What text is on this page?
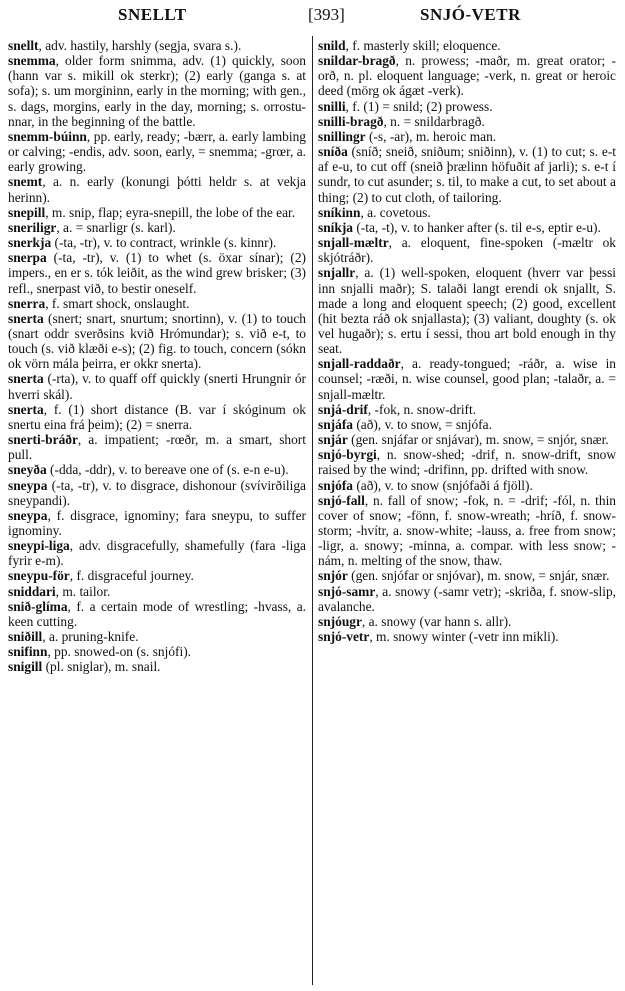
SNELLT	[393]	SNJÓ-VETR

snellt, adv. hastily, harshly (segja, svara s.).

snemma, older form snimma, adv. (1) quickly, soon (hann var s. mikill ok sterkr); (2) early (ganga s. at sofa); s. um morgininn, early in the morning; with gen., s. dags, morgins, early in the day, morning; s. orrostu-nnar, in the beginning of the battle.

snemm-búinn, pp. early, ready; -bærr, a. early lambing or calving; -endis, adv. soon, early, = snemma; -grœr, a. early growing.

snemt, a. n. early (konungi þótti heldr s. at vekja herinn).

snepill, m. snip, flap; eyra-snepill, the lobe of the ear.

sneriligr, a. = snarligr (s. karl).

snerkja (-ta, -tr), v. to contract, wrinkle (s. kinnr).

snerpa (-ta, -tr), v. (1) to whet (s. öxar sínar); (2) impers., en er s. tók leiðit, as the wind grew brisker; (3) refl., snerpast við, to bestir oneself.

snerra, f. smart shock, onslaught.

snerta (snert; snart, snurtum; snortinn), v. (1) to touch (snart oddr sverðsins kvið Hrómundar); s. við e-t, to touch (s. við klæði e-s); (2) fig. to touch, concern (sókn ok vörn mála þeirra, er okkr snerta).

snerta (-rta), v. to quaff off quickly (snerti Hrungnir ór hverri skál).

snerta, f. (1) short distance (B. var í skóginum ok snertu eina frá þeim); (2) = snerra.

snerti-bráðr, a. impatient; -rœðr, m. a smart, short pull.

sneyða (-dda, -ddr), v. to bereave one of (s. e-n e-u).

sneypa (-ta, -tr), v. to disgrace, dishonour (svívirðiliga sneypandi).

sneypa, f. disgrace, ignominy; fara sneypu, to suffer ignominy.

sneypi-liga, adv. disgracefully, shamefully (fara -liga fyrir e-m).

sneypu-för, f. disgraceful journey.

sniddari, m. tailor.

snið-glíma, f. a certain mode of wrestling; -hvass, a. keen cutting.

sniðill, a. pruning-knife.

snifinn, pp. snowed-on (s. snjófi).

snigill (pl. sniglar), m. snail.

snild, f. masterly skill; eloquence.

snildar-bragð, n. prowess; -maðr, m. great orator; -orð, n. pl. eloquent language; -verk, n. great or heroic deed (mörg ok ágæt -verk).

snilli, f. (1) = snild; (2) prowess.

snilli-bragð, n. = snildarbragð.

snillingr (-s, -ar), m. heroic man.

sníða (sníð; sneið, sniðum; sniðinn), v. (1) to cut; s. e-t af e-u, to cut off (sneið þrælinn höfuðit af jarli); s. e-t í sundr, to cut asunder; s. til, to make a cut, to set about a thing; (2) to cut cloth, of tailoring.

sníkinn, a. covetous.

sníkja (-ta, -t), v. to hanker after (s. til e-s, eptir e-u).

snjall-mæltr, a. eloquent, fine-spoken (-mæltr ok skjótráðr).

snjallr, a. (1) well-spoken, eloquent (hverr var þessi inn snjalli maðr); S. talaði langt erendi ok snjallt, S. made a long and eloquent speech; (2) good, excellent (hit bezta ráð ok snjallasta); (3) valiant, doughty (s. ok vel hugaðr); s. ertu í sessi, thou art bold enough in thy seat.

snjall-raddaðr, a. ready-tongued; -ráðr, a. wise in counsel; -ræði, n. wise counsel, good plan; -talaðr, a. = snjall-mæltr.

snjá-drif, -fok, n. snow-drift.

snjáfa (að), v. to snow, = snjófa.

snjár (gen. snjáfar or snjávar), m. snow, = snjór, snær.

snjó-byrgi, n. snow-shed; -drif, n. snow-drift, snow raised by the wind; -drifinn, pp. drifted with snow.

snjófa (að), v. to snow (snjófaði á fjöll).

snjó-fall, n. fall of snow; -fok, n. = -drif; -fól, n. thin cover of snow; -fönn, f. snow-wreath; -hríð, f. snow-storm; -hvítr, a. snow-white; -lauss, a. free from snow; -ligr, a. snowy; -minna, a. compar. with less snow; -nám, n. melting of the snow, thaw.

snjór (gen. snjófar or snjóvar), m. snow, = snjár, snær.

snjó-samr, a. snowy (-samr vetr); -skriða, f. snow-slip, avalanche.

snjóugr, a. snowy (var hann s. allr).

snjó-vetr, m. snowy winter (-vetr inn mikli).
